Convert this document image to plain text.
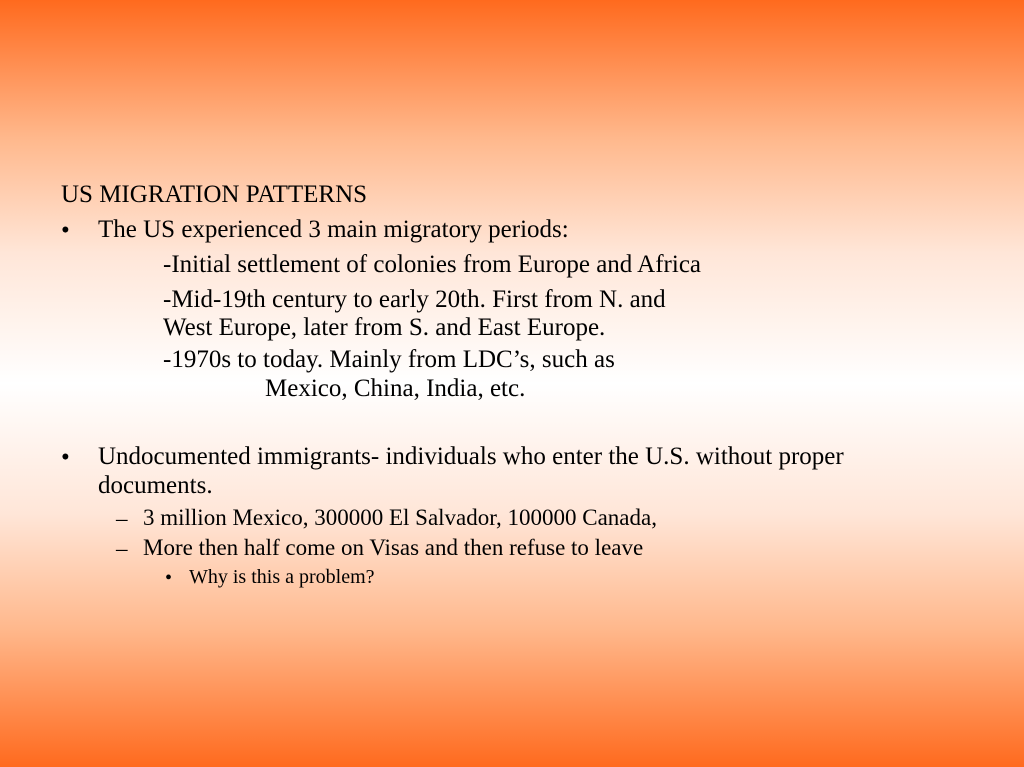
US MIGRATION PATTERNS
• The US experienced 3 main migratory periods:
-Initial settlement of colonies from Europe and Africa
-Mid-19th century to early 20th. First from N. and
West Europe, later from S. and East Europe.
-1970s to today. Mainly from LDC’s, such as
Mexico, China, India, etc.
• Undocumented immigrants- individuals who enter the U.S. without proper
documents.
– 3 million Mexico, 300000 El Salvador, 100000 Canada,
– More then half come on Visas and then refuse to leave
• Why is this a problem?
